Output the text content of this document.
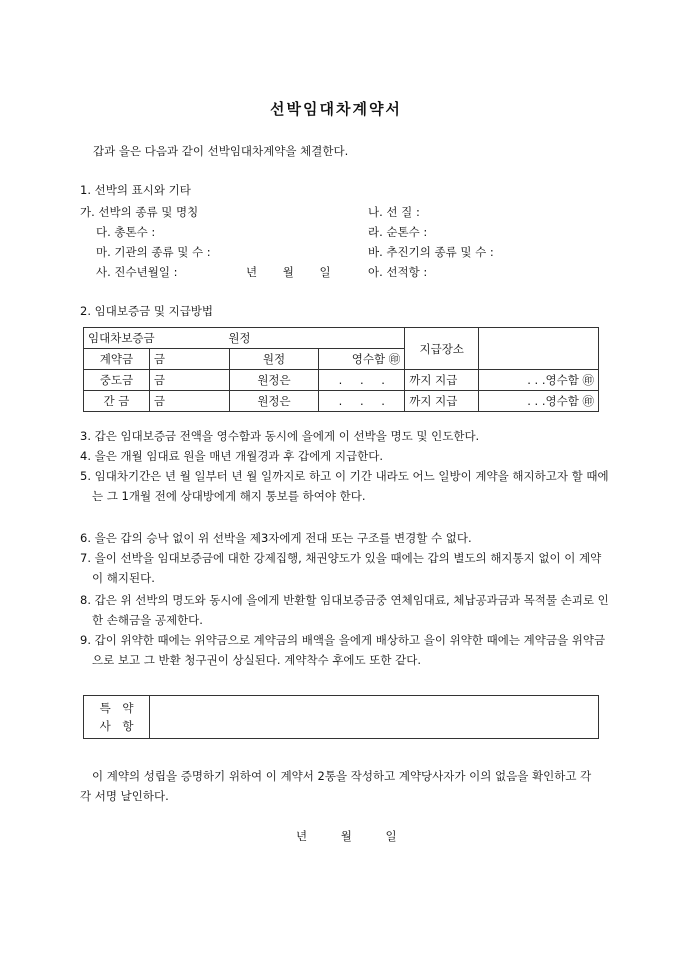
선박임대차계약서
갑과 을은 다음과 같이 선박임대차계약을 체결한다.
1. 선박의 표시와 기타
가. 선박의 종류 및 명칭	나. 선 질 :
다. 총톤수 :	라. 순톤수 :
마. 기관의 종류 및 수 :	바. 추진기의 종류 및 수 :
사. 진수년월일 :	년 월 일	아. 선적항 :
2. 임대보증금 및 지급방법
임대차보증금 원정				지급장소	
계약금	금	원정	영수함 ㊞		
중도금	금	원정은	. . .	까지 지급	. . .영수함 ㊞
간 금	금	원정은	. . .	까지 지급	. . .영수함 ㊞
3. 갑은 임대보증금 전액을 영수함과 동시에 을에게 이 선박을 명도 및 인도한다.
4. 을은 개월 임대료 원을 매년 개월경과 후 갑에게 지급한다.
5. 임대차기간은 년 월 일부터 년 월 일까지로 하고 이 기간 내라도 어느 일방이 계약을 해지하고자 할 때에는 그 1개월 전에 상대방에게 해지 통보를 하여야 한다.
6. 을은 갑의 승낙 없이 위 선박을 제3자에게 전대 또는 구조를 변경할 수 없다.
7. 을이 선박을 임대보증금에 대한 강제집행, 채권양도가 있을 때에는 갑의 별도의 해지통지 없이 이 계약이 해지된다.
8. 갑은 위 선박의 명도와 동시에 을에게 반환할 임대보증금중 연체임대료, 체납공과금과 목적물 손괴로 인한 손해금을 공제한다.
9. 갑이 위약한 때에는 위약금으로 계약금의 배액을 을에게 배상하고 을이 위약한 때에는 계약금을 위약금으로 보고 그 반환 청구권이 상실된다. 계약착수 후에도 또한 같다.
특 약
사 항

이 계약의 성립을 증명하기 위하여 이 계약서 2통을 작성하고 계약당사자가 이의 없음을 확인하고 각각 서명 날인하다.
년 월 일
